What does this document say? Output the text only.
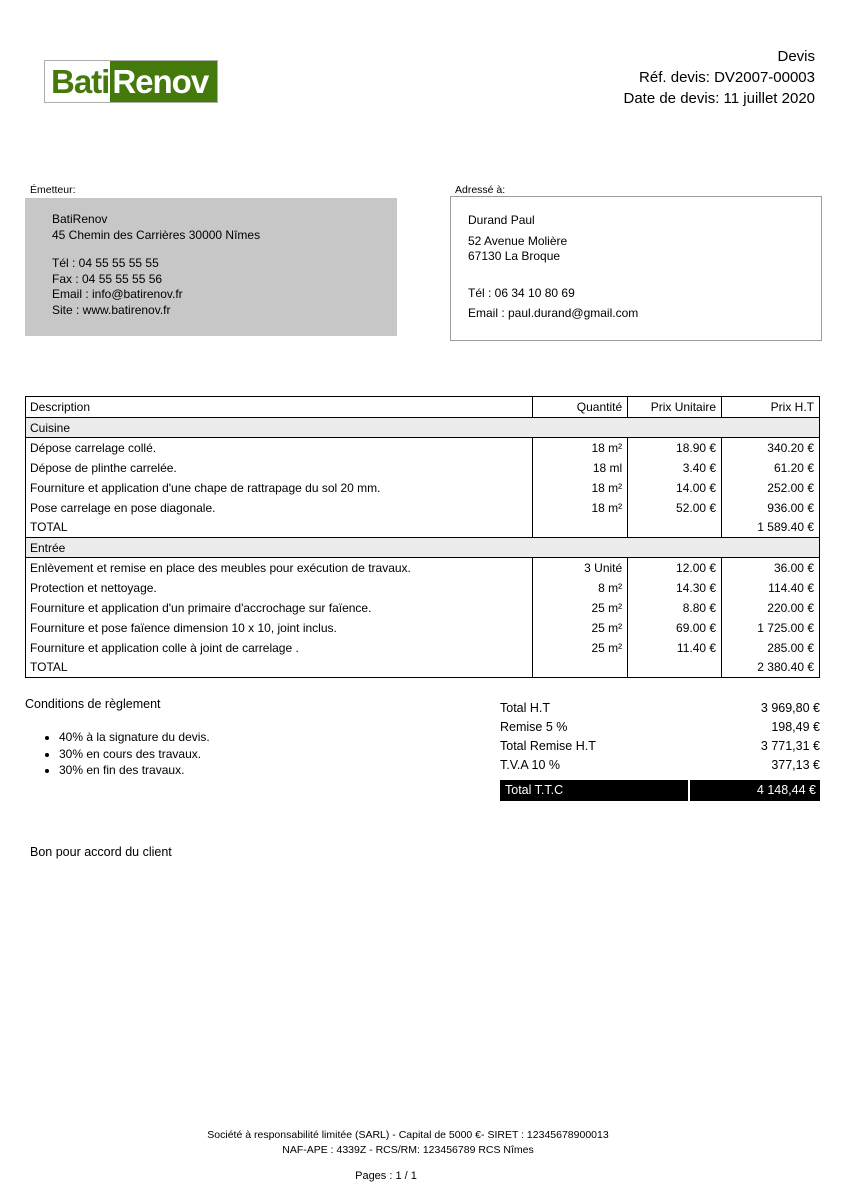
Bati Renov
Devis
Réf. devis: DV2007-00003
Date de devis: 11 juillet 2020
Émetteur:
BatiRenov
45 Chemin des Carrières 30000 Nîmes
Tél : 04 55 55 55 55
Fax : 04 55 55 55 56
Email : info@batirenov.fr
Site : www.batirenov.fr
Adressé à:
Durand Paul
52 Avenue Molière
67130 La Broque
Tél : 06 34 10 80 69
Email : paul.durand@gmail.com
Description	Quantité	Prix Unitaire	Prix H.T
Cuisine			
Dépose carrelage collé.	18 m²	18.90 €	340.20 €
Dépose de plinthe carrelée.	18 ml	3.40 €	61.20 €
Fourniture et application d'une chape de rattrapage du sol 20 mm.	18 m²	14.00 €	252.00 €
Pose carrelage en pose diagonale.	18 m²	52.00 €	936.00 €
TOTAL			1 589.40 €
Entrée			
Enlèvement et remise en place des meubles pour exécution de travaux.	3 Unité	12.00 €	36.00 €
Protection et nettoyage.	8 m²	14.30 €	114.40 €
Fourniture et application d'un primaire d'accrochage sur faïence.	25 m²	8.80 €	220.00 €
Fourniture et pose faïence dimension 10 x 10, joint inclus.	25 m²	69.00 €	1 725.00 €
Fourniture et application colle à joint de carrelage .	25 m²	11.40 €	285.00 €
TOTAL			2 380.40 €
Conditions de règlement
• 40% à la signature du devis.
• 30% en cours des travaux.
• 30% en fin des travaux.
Total H.T	3 969,80 €
Remise 5 %	198,49 €
Total Remise H.T	3 771,31 €
T.V.A 10 %	377,13 €
Total T.T.C	4 148,44 €
Bon pour accord du client
Société à responsabilité limitée (SARL) - Capital de 5000 €- SIRET : 12345678900013
NAF-APE : 4339Z - RCS/RM: 123456789 RCS Nîmes
Pages : 1 / 1
